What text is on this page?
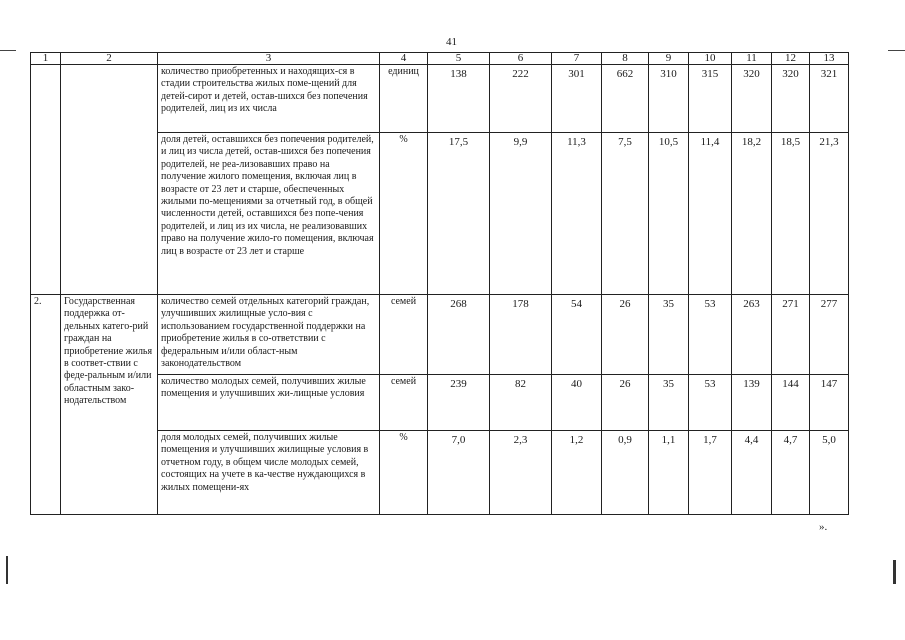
41
1	2	3	4	5	6	7	8	9	10	11	12	13
		количество приобретенных и находящих-ся в стадии строительства жилых поме-щений для детей-сирот и детей, остав-шихся без попечения родителей, лиц из их числа	единиц	138	222	301	662	310	315	320	320	321
		доля детей, оставшихся без попечения родителей, и лиц из числа детей, остав-шихся без попечения родителей, не реа-лизовавших право на получение жилого помещения, включая лиц в возрасте от 23 лет и старше, обеспеченных жилыми по-мещениями за отчетный год, в общей численности детей, оставшихся без попе-чения родителей, и лиц из их числа, не реализовавших право на получение жило-го помещения, включая лиц в возрасте от 23 лет и старше	%	17,5	9,9	11,3	7,5	10,5	11,4	18,2	18,5	21,3
2.	Государственная поддержка от-дельных катего-рий граждан на приобретение жилья в соответ-ствии с феде-ральным и/или областным зако-нодательством	количество семей отдельных категорий граждан, улучшивших жилищные усло-вия с использованием государственной поддержки на приобретение жилья в со-ответствии с федеральным и/или област-ным законодательством	семей	268	178	54	26	35	53	263	271	277
		количество молодых семей, получивших жилые помещения и улучшивших жи-лищные условия	семей	239	82	40	26	35	53	139	144	147
		доля молодых семей, получивших жилые помещения и улучшивших жилищные условия в отчетном году, в общем числе молодых семей, состоящих на учете в ка-честве нуждающихся в жилых помещени-ях	%	7,0	2,3	1,2	0,9	1,1	1,7	4,4	4,7	5,0
».
